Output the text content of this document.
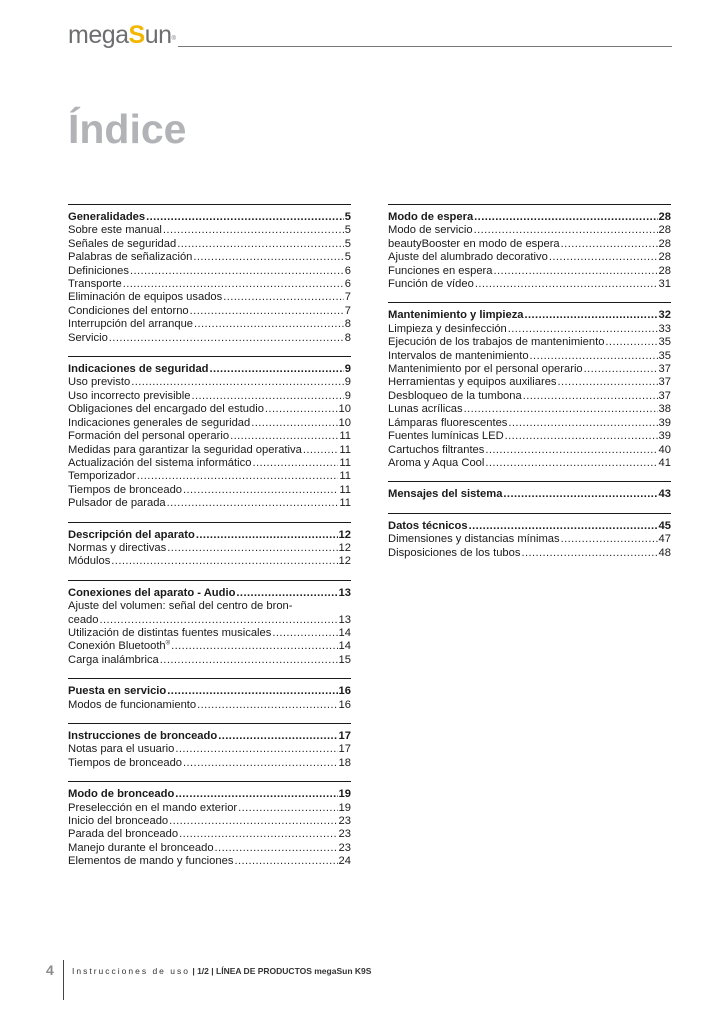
megaSun®
Índice
Generalidades .....	5
Sobre este manual .....	5
Señales de seguridad .....	5
Palabras de señalización .....	5
Definiciones .....	6
Transporte .....	6
Eliminación de equipos usados .....	7
Condiciones del entorno .....	7
Interrupción del arranque .....	8
Servicio .....	8
Indicaciones de seguridad .....	9
Uso previsto .....	9
Uso incorrecto previsible .....	9
Obligaciones del encargado del estudio .....	10
Indicaciones generales de seguridad .....	10
Formación del personal operario .....	11
Medidas para garantizar la seguridad operativa .....	11
Actualización del sistema informático .....	11
Temporizador .....	11
Tiempos de bronceado .....	11
Pulsador de parada .....	11
Descripción del aparato .....	12
Normas y directivas .....	12
Módulos .....	12
Conexiones del aparato - Audio .....	13
Ajuste del volumen: señal del centro de bron-
ceado .....	13
Utilización de distintas fuentes musicales .....	14
Conexión Bluetooth® .....	14
Carga inalámbrica .....	15
Puesta en servicio .....	16
Modos de funcionamiento .....	16
Instrucciones de bronceado .....	17
Notas para el usuario .....	17
Tiempos de bronceado .....	18
Modo de bronceado .....	19
Preselección en el mando exterior .....	19
Inicio del bronceado .....	23
Parada del bronceado .....	23
Manejo durante el bronceado .....	23
Elementos de mando y funciones .....	24
Modo de espera .....	28
Modo de servicio .....	28
beautyBooster en modo de espera .....	28
Ajuste del alumbrado decorativo .....	28
Funciones en espera .....	28
Función de vídeo .....	31
Mantenimiento y limpieza .....	32
Limpieza y desinfección .....	33
Ejecución de los trabajos de mantenimiento .....	35
Intervalos de mantenimiento .....	35
Mantenimiento por el personal operario .....	37
Herramientas y equipos auxiliares .....	37
Desbloqueo de la tumbona .....	37
Lunas acrílicas .....	38
Lámparas fluorescentes .....	39
Fuentes lumínicas LED .....	39
Cartuchos filtrantes .....	40
Aroma y Aqua Cool .....	41
Mensajes del sistema .....	43
Datos técnicos .....	45
Dimensiones y distancias mínimas .....	47
Disposiciones de los tubos .....	48
4 Instrucciones de uso | 1/2 | LÍNEA DE PRODUCTOS megaSun K9S
